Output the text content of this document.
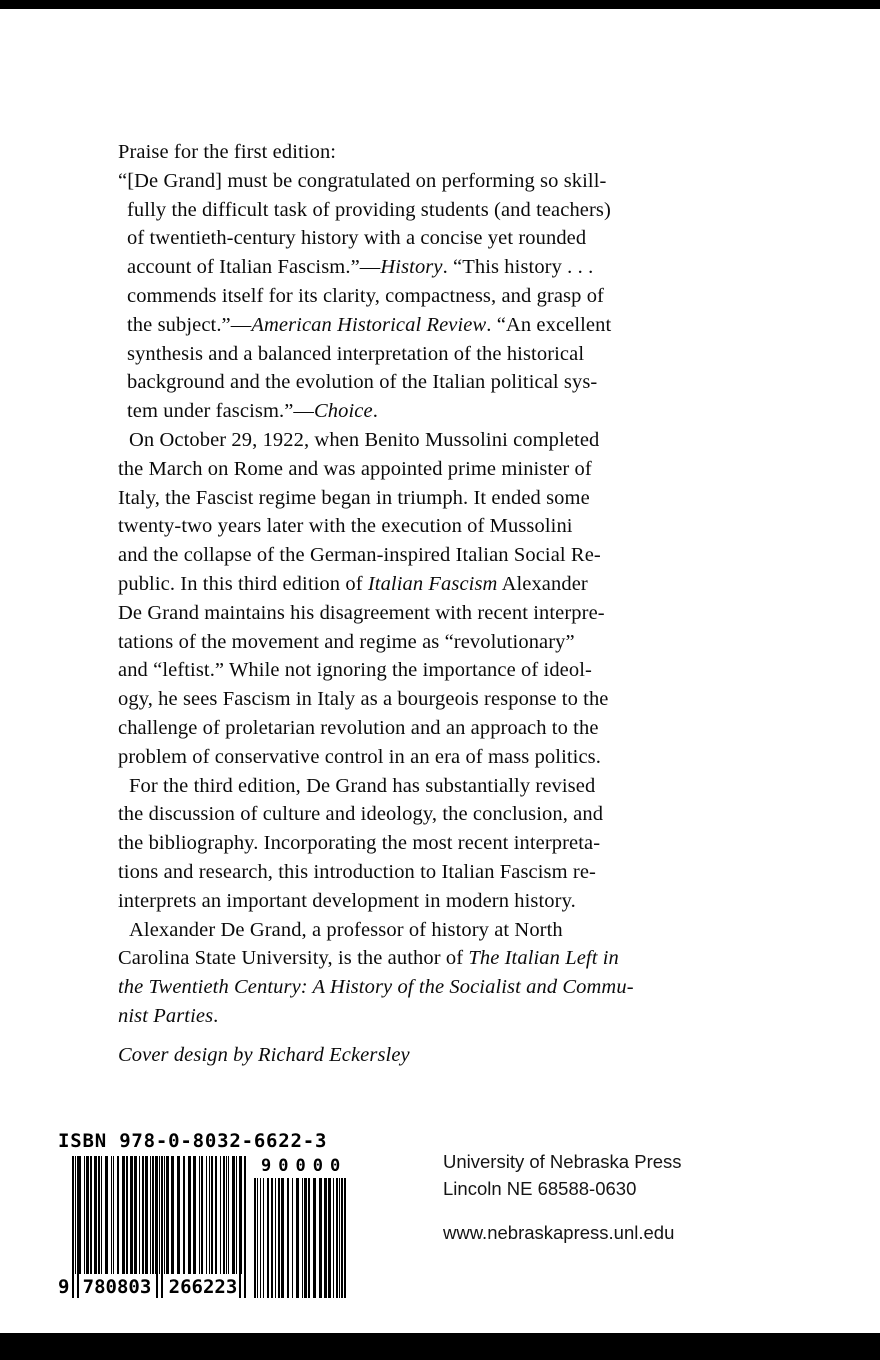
Praise for the first edition:
“[De Grand] must be congratulated on performing so skill-
fully the difficult task of providing students (and teachers)
of twentieth-century history with a concise yet rounded
account of Italian Fascism.”—History. “This history . . .
commends itself for its clarity, compactness, and grasp of
the subject.”—American Historical Review. “An excellent
synthesis and a balanced interpretation of the historical
background and the evolution of the Italian political sys-
tem under fascism.”—Choice.
On October 29, 1922, when Benito Mussolini completed
the March on Rome and was appointed prime minister of
Italy, the Fascist regime began in triumph. It ended some
twenty-two years later with the execution of Mussolini
and the collapse of the German-inspired Italian Social Re-
public. In this third edition of Italian Fascism Alexander
De Grand maintains his disagreement with recent interpre-
tations of the movement and regime as “revolutionary”
and “leftist.” While not ignoring the importance of ideol-
ogy, he sees Fascism in Italy as a bourgeois response to the
challenge of proletarian revolution and an approach to the
problem of conservative control in an era of mass politics.
For the third edition, De Grand has substantially revised
the discussion of culture and ideology, the conclusion, and
the bibliography. Incorporating the most recent interpreta-
tions and research, this introduction to Italian Fascism re-
interprets an important development in modern history.
Alexander De Grand, a professor of history at North
Carolina State University, is the author of The Italian Left in
the Twentieth Century: A History of the Socialist and Commu-
nist Parties.
Cover design by Richard Eckersley
ISBN 978-0-8032-6622-3
9 780803 266223
90000	University of Nebraska Press
Lincoln NE 68588-0630
www.nebraskapress.unl.edu
